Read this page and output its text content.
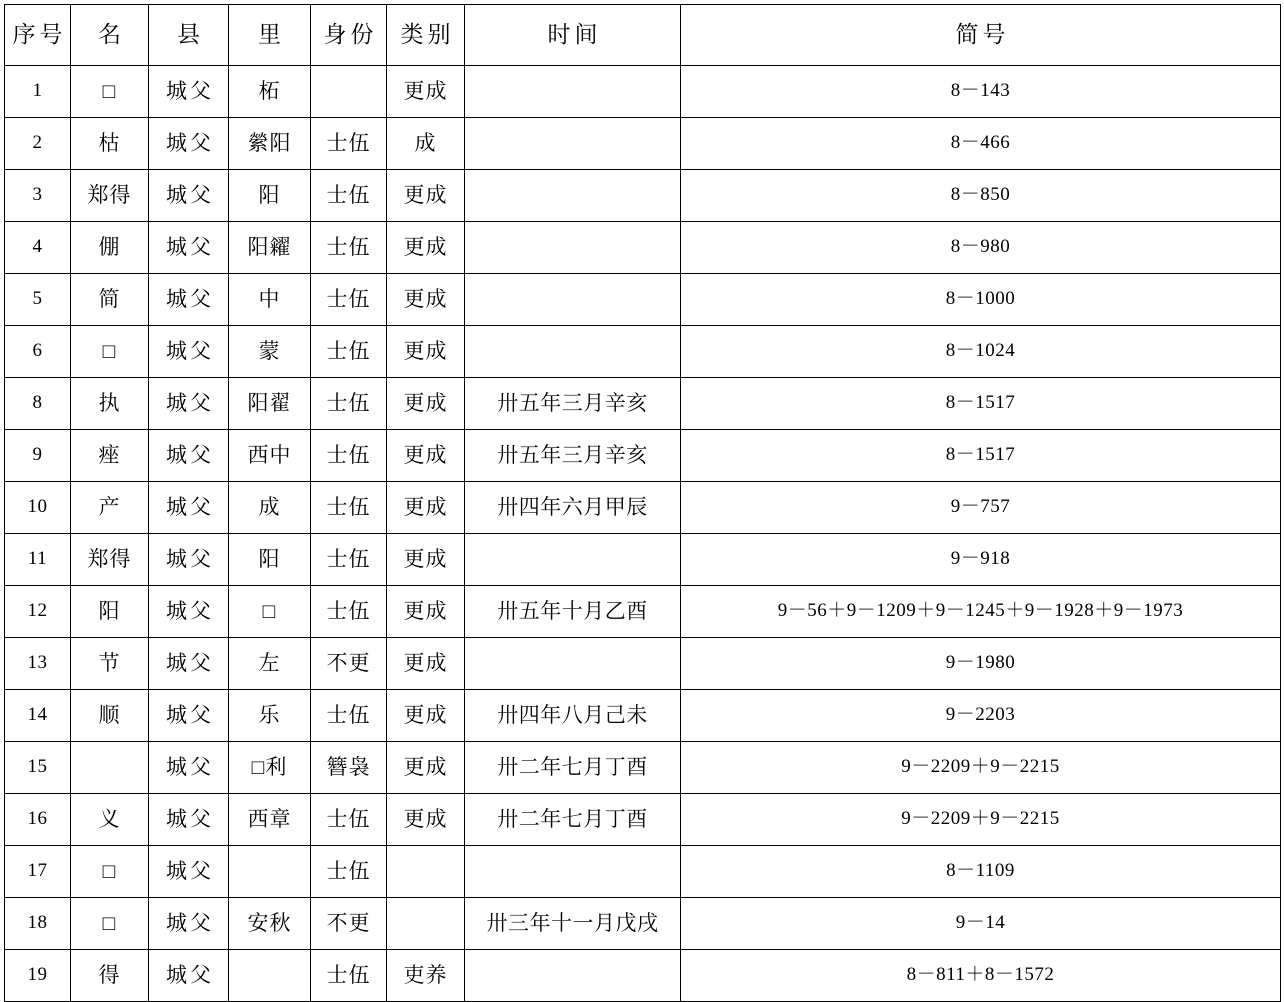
序号	名	县	里	身份	类别	时间	简号
1	□	城父	柘		更成		8－143
2	枯	城父	縈阳	士伍	成		8－466
3	郑得	城父	阳	士伍	更成		8－850
4	倗	城父	阳糴	士伍	更成		8－980
5	简	城父	中	士伍	更成		8－1000
6	□	城父	蒙	士伍	更成		8－1024
8	执	城父	阳翟	士伍	更成	卅五年三月辛亥	8－1517
9	痤	城父	西中	士伍	更成	卅五年三月辛亥	8－1517
10	产	城父	成	士伍	更成	卅四年六月甲辰	9－757
11	郑得	城父	阳	士伍	更成		9－918
12	阳	城父	□	士伍	更成	卅五年十月乙酉	9－56＋9－1209＋9－1245＋9－1928＋9－1973
13	节	城父	左	不更	更成		9－1980
14	顺	城父	乐	士伍	更成	卅四年八月己未	9－2203
15		城父	□利	簪袅	更成	卅二年七月丁酉	9－2209＋9－2215
16	义	城父	西章	士伍	更成	卅二年七月丁酉	9－2209＋9－2215
17	□	城父		士伍			8－1109
18	□	城父	安秋	不更		卅三年十一月戊戌	9－14
19	得	城父		士伍	吏养		8－811＋8－1572
